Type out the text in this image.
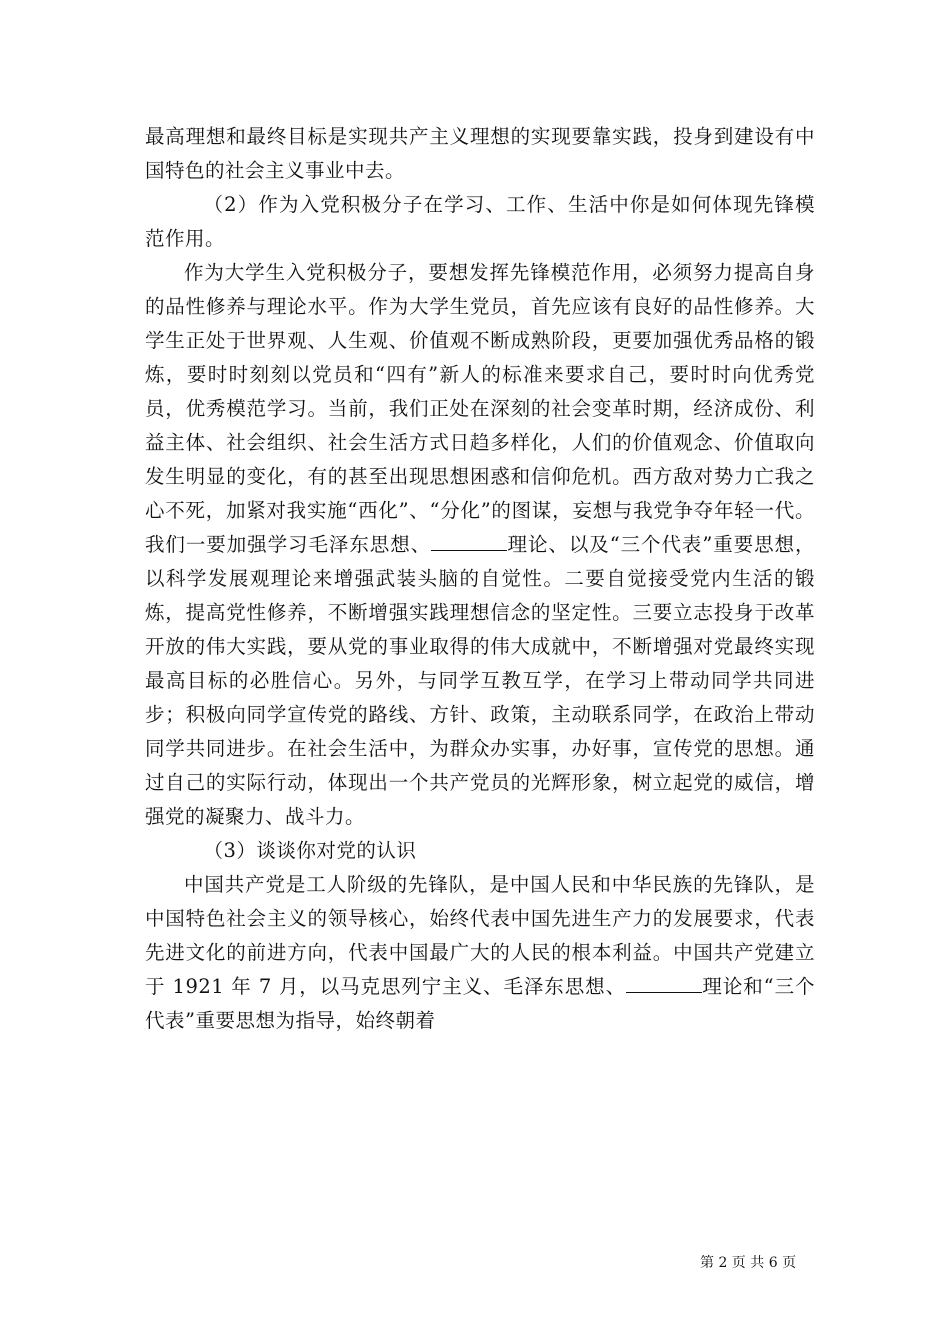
最高理想和最终目标是实现共产主义理想的实现要靠实践，投身到建设有中国特色的社会主义事业中去。

（2）作为入党积极分子在学习、工作、生活中你是如何体现先锋模范作用。

作为大学生入党积极分子，要想发挥先锋模范作用，必须努力提高自身的品性修养与理论水平。作为大学生党员，首先应该有良好的品性修养。大学生正处于世界观、人生观、价值观不断成熟阶段，更要加强优秀品格的锻炼，要时时刻刻以党员和“四有”新人的标准来要求自己，要时时向优秀党员，优秀模范学习。当前，我们正处在深刻的社会变革时期，经济成份、利益主体、社会组织、社会生活方式日趋多样化，人们的价值观念、价值取向发生明显的变化，有的甚至出现思想困惑和信仰危机。西方敌对势力亡我之心不死，加紧对我实施“西化”、“分化”的图谋，妄想与我党争夺年轻一代。我们一要加强学习毛泽东思想、	理论、以及“三个代表”重要思想，以科学发展观理论来增强武装头脑的自觉性。二要自觉接受党内生活的锻炼，提高党性修养，不断增强实践理想信念的坚定性。三要立志投身于改革开放的伟大实践，要从党的事业取得的伟大成就中，不断增强对党最终实现最高目标的必胜信心。另外，与同学互教互学，在学习上带动同学共同进步；积极向同学宣传党的路线、方针、政策，主动联系同学，在政治上带动同学共同进步。在社会生活中，为群众办实事，办好事，宣传党的思想。通过自己的实际行动，体现出一个共产党员的光辉形象，树立起党的威信，增强党的凝聚力、战斗力。

（3）谈谈你对党的认识

中国共产党是工人阶级的先锋队，是中国人民和中华民族的先锋队，是中国特色社会主义的领导核心，始终代表中国先进生产力的发展要求，代表先进文化的前进方向，代表中国最广大的人民的根本利益。中国共产党建立于 1921 年 7 月，以马克思列宁主义、毛泽东思想、	理论和“三个代表”重要思想为指导，始终朝着

第 2 页 共 6 页
